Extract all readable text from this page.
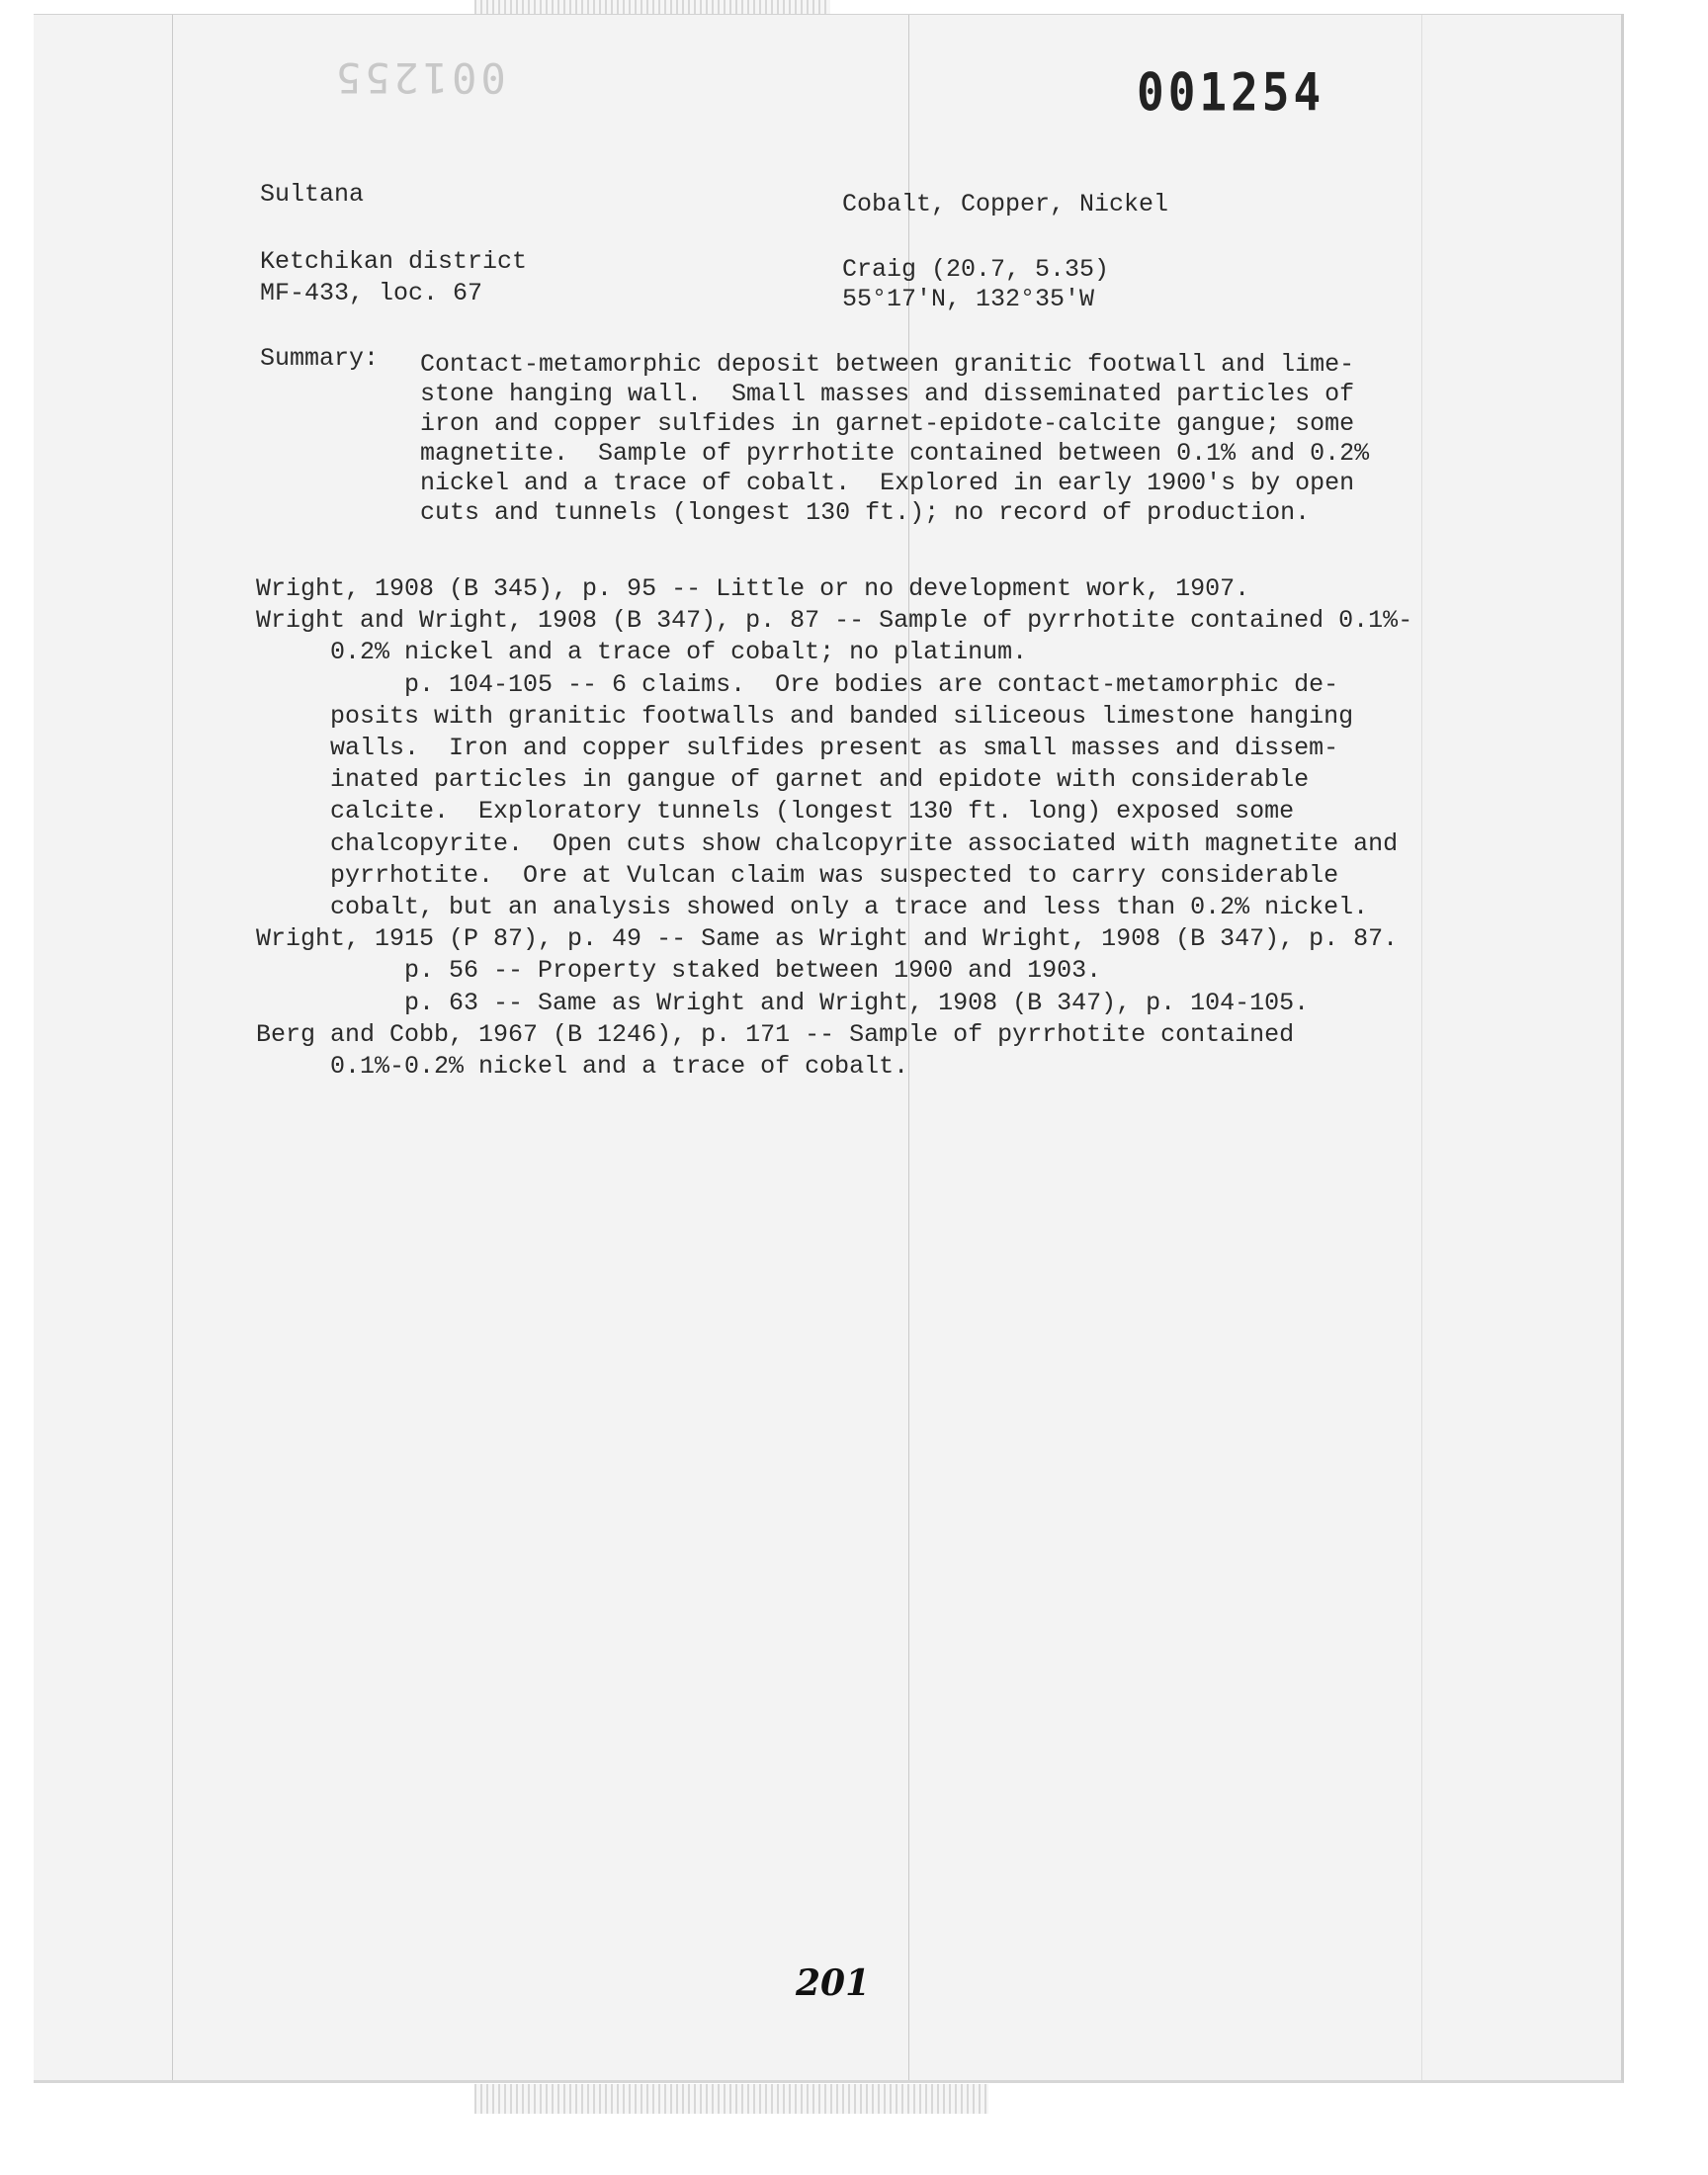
001255	001254
Sultana	Cobalt, Copper, Nickel
Ketchikan district	Craig (20.7, 5.35)
MF-433, loc. 67	55°17'N, 132°35'W
Summary: Contact-metamorphic deposit between granitic footwall and lime-
stone hanging wall.  Small masses and disseminated particles of
iron and copper sulfides in garnet-epidote-calcite gangue; some
magnetite.  Sample of pyrrhotite contained between 0.1% and 0.2%
nickel and a trace of cobalt.  Explored in early 1900's by open
cuts and tunnels (longest 130 ft.); no record of production.
Wright, 1908 (B 345), p. 95 -- Little or no development work, 1907.
Wright and Wright, 1908 (B 347), p. 87 -- Sample of pyrrhotite contained 0.1%-
0.2% nickel and a trace of cobalt; no platinum.
p. 104-105 -- 6 claims.  Ore bodies are contact-metamorphic de-
posits with granitic footwalls and banded siliceous limestone hanging
walls.  Iron and copper sulfides present as small masses and dissem-
inated particles in gangue of garnet and epidote with considerable
calcite.  Exploratory tunnels (longest 130 ft. long) exposed some
chalcopyrite.  Open cuts show chalcopyrite associated with magnetite and
pyrrhotite.  Ore at Vulcan claim was suspected to carry considerable
cobalt, but an analysis showed only a trace and less than 0.2% nickel.
Wright, 1915 (P 87), p. 49 -- Same as Wright and Wright, 1908 (B 347), p. 87.
p. 56 -- Property staked between 1900 and 1903.
p. 63 -- Same as Wright and Wright, 1908 (B 347), p. 104-105.
Berg and Cobb, 1967 (B 1246), p. 171 -- Sample of pyrrhotite contained
0.1%-0.2% nickel and a trace of cobalt.
201
